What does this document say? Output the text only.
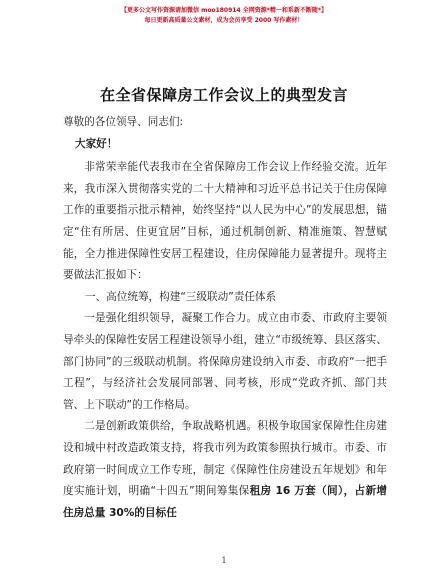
【更多公文写作资源请加微信 moo180914 全网资源*精一和系新不断随*】
每日更新高质量公文素材，成为会员享受 2000 写作素材！
在全省保障房工作会议上的典型发言

尊敬的各位领导、同志们:

大家好！

非常荣幸能代表我市在全省保障房工作会议上作经验交流。近年来，我市深入贯彻落实党的二十大精神和习近平总书记关于住房保障工作的重要指示批示精神，始终坚持“以人民为中心”的发展思想，锚定“住有所居、住更宜居”目标，通过机制创新、精准施策、智慧赋能，全力推进保障性安居工程建设，住房保障能力显著提升。现将主要做法汇报如下：

一、高位统筹，构建“三级联动”责任体系

一是强化组织领导，凝聚工作合力。成立由市委、市政府主要领导牵头的保障性安居工程建设领导小组，建立“市级统筹、县区落实、部门协同”的三级联动机制。将保障房建设纳入市委、市政府“一把手工程”，与经济社会发展同部署、同考核，形成“党政齐抓、部门共管、上下联动”的工作格局。

二是创新政策供给，争取战略机遇。积极争取国家保障性住房建设和城中村改造政策支持，将我市列为政策参照执行城市。市委、市政府第一时间成立工作专班，制定《保障性住房建设五年规划》和年度实施计划，明确“十四五”期间筹集保租房 16 万套（间），占新增住房总量 30%的目标任

1
